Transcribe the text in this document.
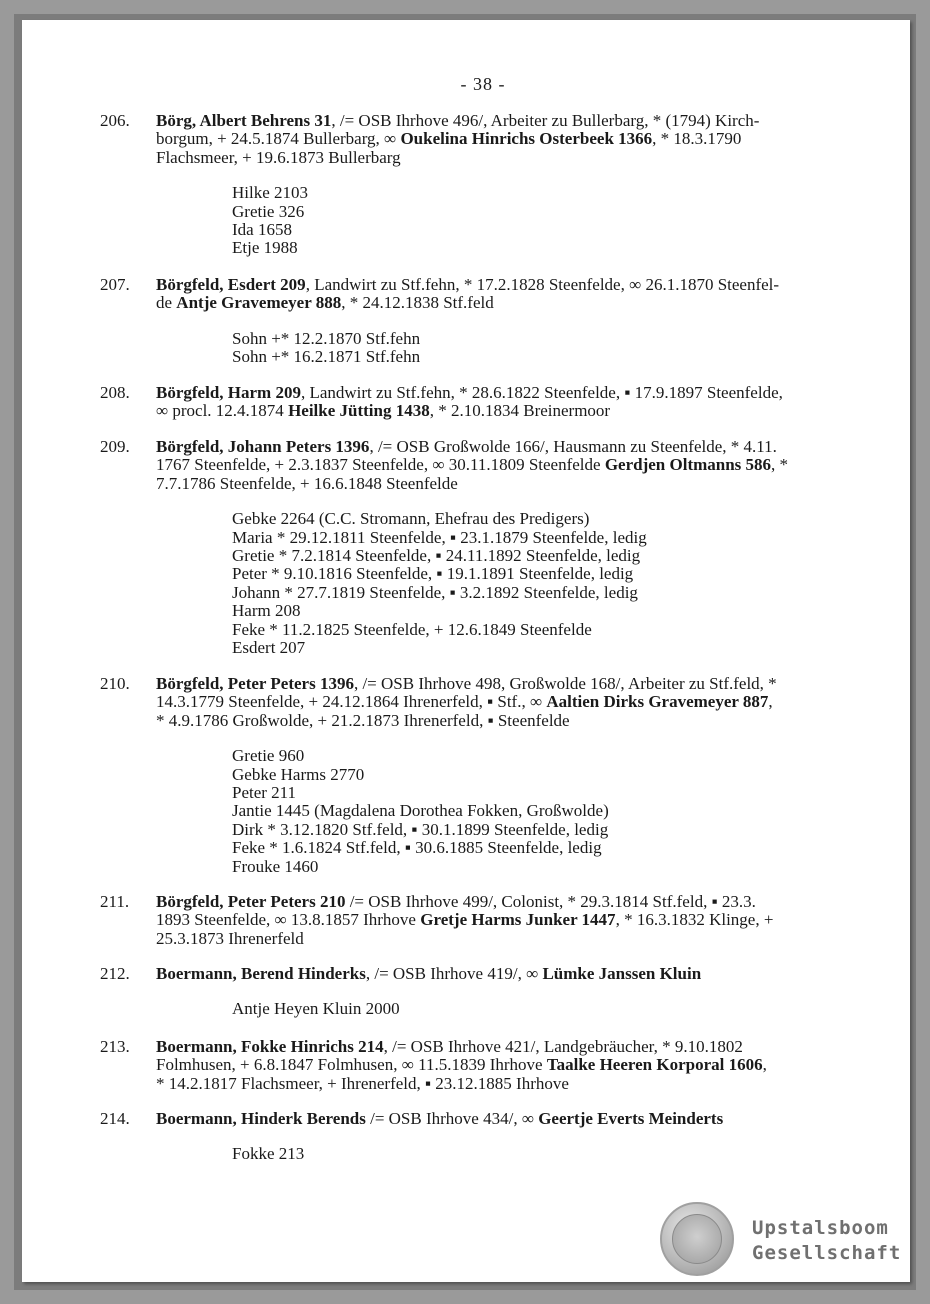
- 38 -
206.	Börg, Albert Behrens 31, /= OSB Ihrhove 496/, Arbeiter zu Bullerbarg, * (1794) Kirch-
borgum, + 24.5.1874 Bullerbarg, ∞ Oukelina Hinrichs Osterbeek 1366, * 18.3.1790
Flachsmeer, + 19.6.1873 Bullerbarg
Hilke 2103
Gretie 326
Ida 1658
Etje 1988
207.	Börgfeld, Esdert 209, Landwirt zu Stf.fehn, * 17.2.1828 Steenfelde, ∞ 26.1.1870 Steenfel-
de Antje Gravemeyer 888, * 24.12.1838 Stf.feld
Sohn +* 12.2.1870 Stf.fehn
Sohn +* 16.2.1871 Stf.fehn
208.	Börgfeld, Harm 209, Landwirt zu Stf.fehn, * 28.6.1822 Steenfelde, ▪ 17.9.1897 Steenfelde,
∞ procl. 12.4.1874 Heilke Jütting 1438, * 2.10.1834 Breinermoor
209.	Börgfeld, Johann Peters 1396, /= OSB Großwolde 166/, Hausmann zu Steenfelde, * 4.11.
1767 Steenfelde, + 2.3.1837 Steenfelde, ∞ 30.11.1809 Steenfelde Gerdjen Oltmanns 586, *
7.7.1786 Steenfelde, + 16.6.1848 Steenfelde
Gebke 2264 (C.C. Stromann, Ehefrau des Predigers)
Maria * 29.12.1811 Steenfelde, ▪ 23.1.1879 Steenfelde, ledig
Gretie * 7.2.1814 Steenfelde, ▪ 24.11.1892 Steenfelde, ledig
Peter * 9.10.1816 Steenfelde, ▪ 19.1.1891 Steenfelde, ledig
Johann * 27.7.1819 Steenfelde, ▪ 3.2.1892 Steenfelde, ledig
Harm 208
Feke * 11.2.1825 Steenfelde, + 12.6.1849 Steenfelde
Esdert 207
210.	Börgfeld, Peter Peters 1396, /= OSB Ihrhove 498, Großwolde 168/, Arbeiter zu Stf.feld, *
14.3.1779 Steenfelde, + 24.12.1864 Ihrenerfeld, ▪ Stf., ∞ Aaltien Dirks Gravemeyer 887,
* 4.9.1786 Großwolde, + 21.2.1873 Ihrenerfeld, ▪ Steenfelde
Gretie 960
Gebke Harms 2770
Peter 211
Jantie 1445 (Magdalena Dorothea Fokken, Großwolde)
Dirk * 3.12.1820 Stf.feld, ▪ 30.1.1899 Steenfelde, ledig
Feke * 1.6.1824 Stf.feld, ▪ 30.6.1885 Steenfelde, ledig
Frouke 1460
211.	Börgfeld, Peter Peters 210 /= OSB Ihrhove 499/, Colonist, * 29.3.1814 Stf.feld, ▪ 23.3.
1893 Steenfelde, ∞ 13.8.1857 Ihrhove Gretje Harms Junker 1447, * 16.3.1832 Klinge, +
25.3.1873 Ihrenerfeld
212.	Boermann, Berend Hinderks, /= OSB Ihrhove 419/, ∞ Lümke Janssen Kluin
Antje Heyen Kluin 2000
213.	Boermann, Fokke Hinrichs 214, /= OSB Ihrhove 421/, Landgebräucher, * 9.10.1802
Folmhusen, + 6.8.1847 Folmhusen, ∞ 11.5.1839 Ihrhove Taalke Heeren Korporal 1606,
* 14.2.1817 Flachsmeer, + Ihrenerfeld, ▪ 23.12.1885 Ihrhove
214.	Boermann, Hinderk Berends /= OSB Ihrhove 434/, ∞ Geertje Everts Meinderts
Fokke 213
Upstalsboom
Gesellschaft
